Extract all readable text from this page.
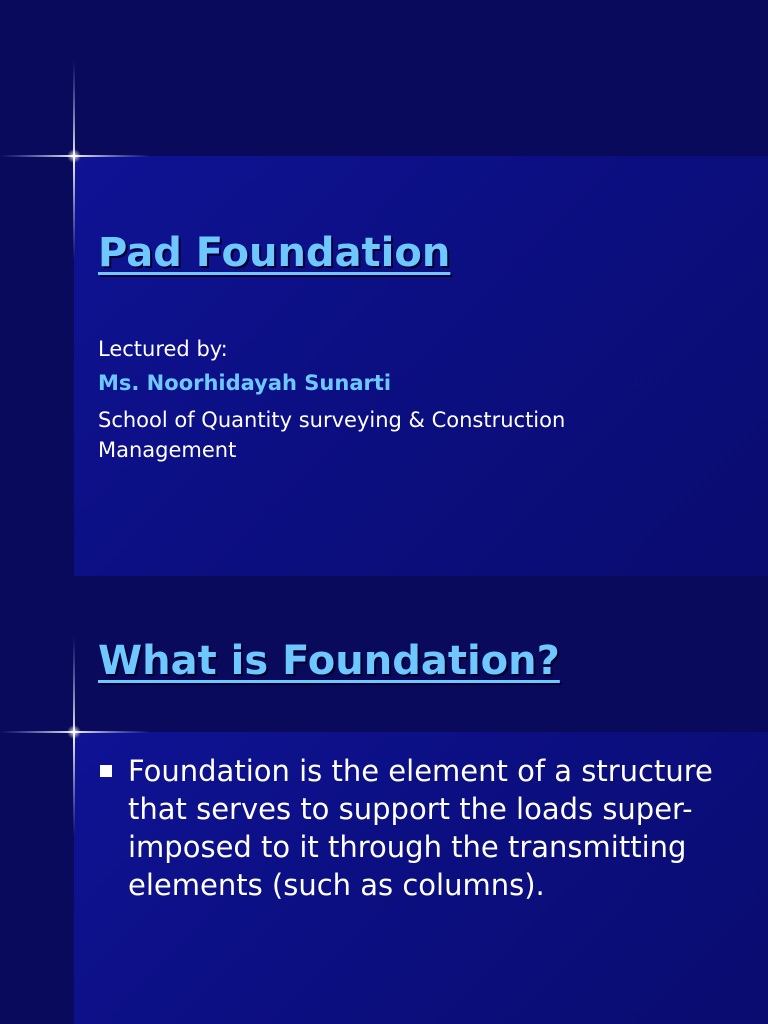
Pad Foundation

Lectured by:

Ms. Noorhidayah Sunarti

School of Quantity surveying & Construction Management

What is Foundation?
Foundation is the element of a structure that serves to support the loads super-imposed to it through the transmitting elements (such as columns).
